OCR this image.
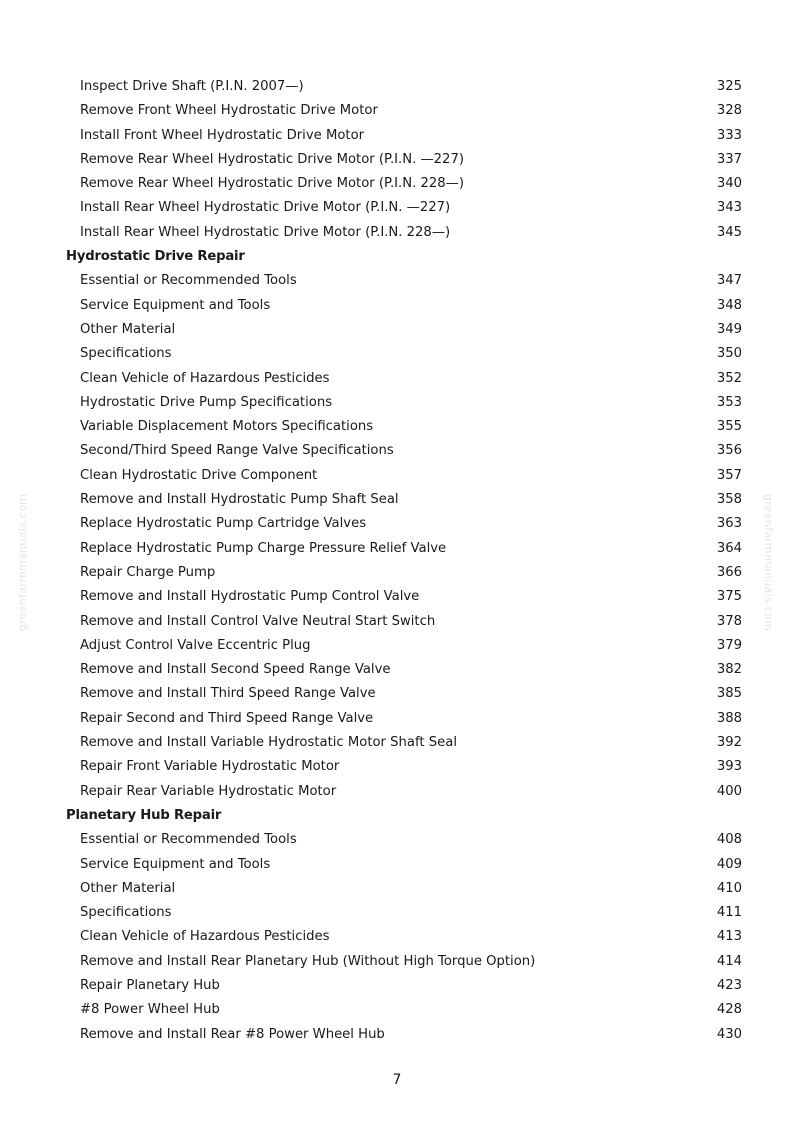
greenfarmmanuals.com	greenfarmmanuals.com
Inspect Drive Shaft (P.I.N. 2007—)	325
Remove Front Wheel Hydrostatic Drive Motor	328
Install Front Wheel Hydrostatic Drive Motor	333
Remove Rear Wheel Hydrostatic Drive Motor (P.I.N. —227)	337
Remove Rear Wheel Hydrostatic Drive Motor (P.I.N. 228—)	340
Install Rear Wheel Hydrostatic Drive Motor (P.I.N. —227)	343
Install Rear Wheel Hydrostatic Drive Motor (P.I.N. 228—)	345
Hydrostatic Drive Repair
Essential or Recommended Tools	347
Service Equipment and Tools	348
Other Material	349
Specifications	350
Clean Vehicle of Hazardous Pesticides	352
Hydrostatic Drive Pump Specifications	353
Variable Displacement Motors Specifications	355
Second/Third Speed Range Valve Specifications	356
Clean Hydrostatic Drive Component	357
Remove and Install Hydrostatic Pump Shaft Seal	358
Replace Hydrostatic Pump Cartridge Valves	363
Replace Hydrostatic Pump Charge Pressure Relief Valve	364
Repair Charge Pump	366
Remove and Install Hydrostatic Pump Control Valve	375
Remove and Install Control Valve Neutral Start Switch	378
Adjust Control Valve Eccentric Plug	379
Remove and Install Second Speed Range Valve	382
Remove and Install Third Speed Range Valve	385
Repair Second and Third Speed Range Valve	388
Remove and Install Variable Hydrostatic Motor Shaft Seal	392
Repair Front Variable Hydrostatic Motor	393
Repair Rear Variable Hydrostatic Motor	400
Planetary Hub Repair
Essential or Recommended Tools	408
Service Equipment and Tools	409
Other Material	410
Specifications	411
Clean Vehicle of Hazardous Pesticides	413
Remove and Install Rear Planetary Hub (Without High Torque Option)	414
Repair Planetary Hub	423
#8 Power Wheel Hub	428
Remove and Install Rear #8 Power Wheel Hub	430
7
